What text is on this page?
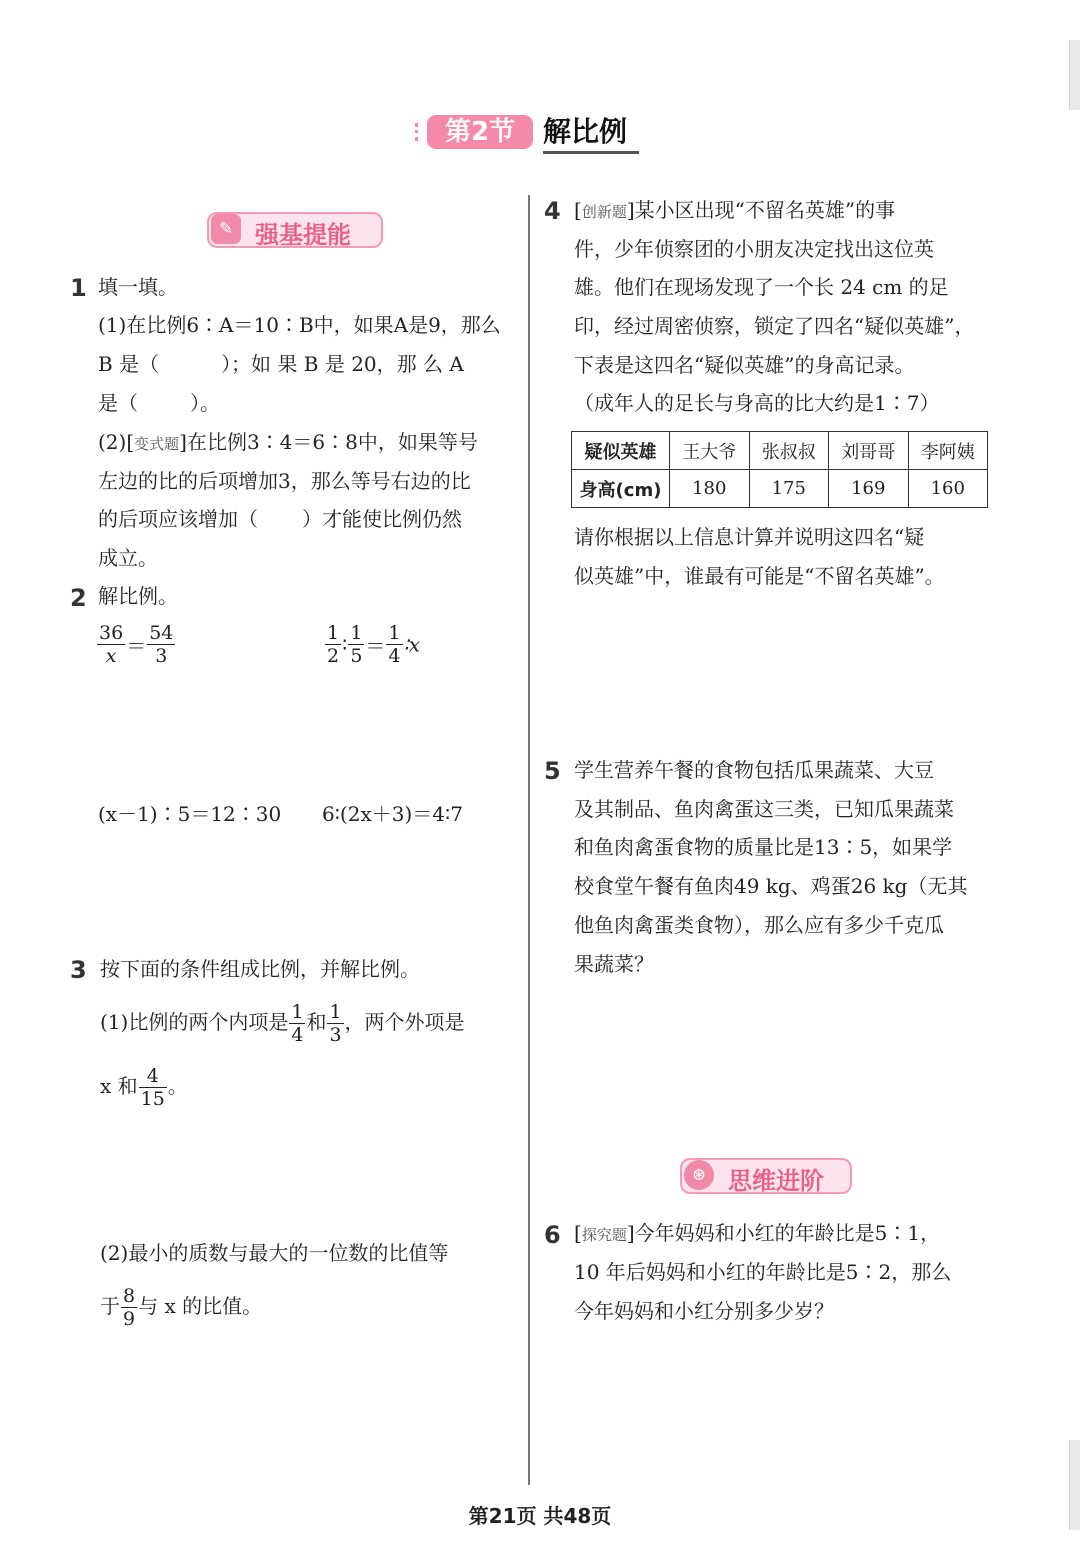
第2节 解比例
✎ 强基提能
1 填一填。
(1)在比例6∶A＝10∶B中，如果A是9，那么
B 是（	）；如 果 B 是 20，那 么 A
是（	）。
(2)[变式题]在比例3∶4＝6∶8中，如果等号
左边的比的后项增加3，那么等号右边的比
的后项应该增加（ ）才能使比例仍然
成立。
2 解比例。
$\frac{36}{x} = \frac{54}{3}$	$\frac{1}{2}$ ∶ $\frac{1}{5} = \frac{1}{4}$ ∶x
(x－1)∶5＝12∶30 6∶(2x＋3)＝4∶7
3 按下面的条件组成比例，并解比例。
(1)比例的两个内项是 $\frac{1}{4}$ 和 $\frac{1}{3}$ ，两个外项是
x 和 $\frac{4}{15}$ 。
(2)最小的质数与最大的一位数的比值等
于 $\frac{8}{9}$ 与 x 的比值。
4 [创新题]某小区出现“不留名英雄”的事
件，少年侦察团的小朋友决定找出这位英
雄。他们在现场发现了一个长 24 cm 的足
印，经过周密侦察，锁定了四名“疑似英雄”，
下表是这四名“疑似英雄”的身高记录。
（成年人的足长与身高的比大约是1∶7）
疑似英雄	王大爷	张叔叔	刘哥哥	李阿姨
身高(cm)	180	175	169	160
请你根据以上信息计算并说明这四名“疑
似英雄”中，谁最有可能是“不留名英雄”。
5 学生营养午餐的食物包括瓜果蔬菜、大豆
及其制品、鱼肉禽蛋这三类，已知瓜果蔬菜
和鱼肉禽蛋食物的质量比是13∶5，如果学
校食堂午餐有鱼肉49 kg、鸡蛋26 kg（无其
他鱼肉禽蛋类食物），那么应有多少千克瓜
果蔬菜？
⊛ 思维进阶
6 [探究题]今年妈妈和小红的年龄比是5∶1，
10 年后妈妈和小红的年龄比是5∶2，那么
今年妈妈和小红分别多少岁？
第21页 共48页
